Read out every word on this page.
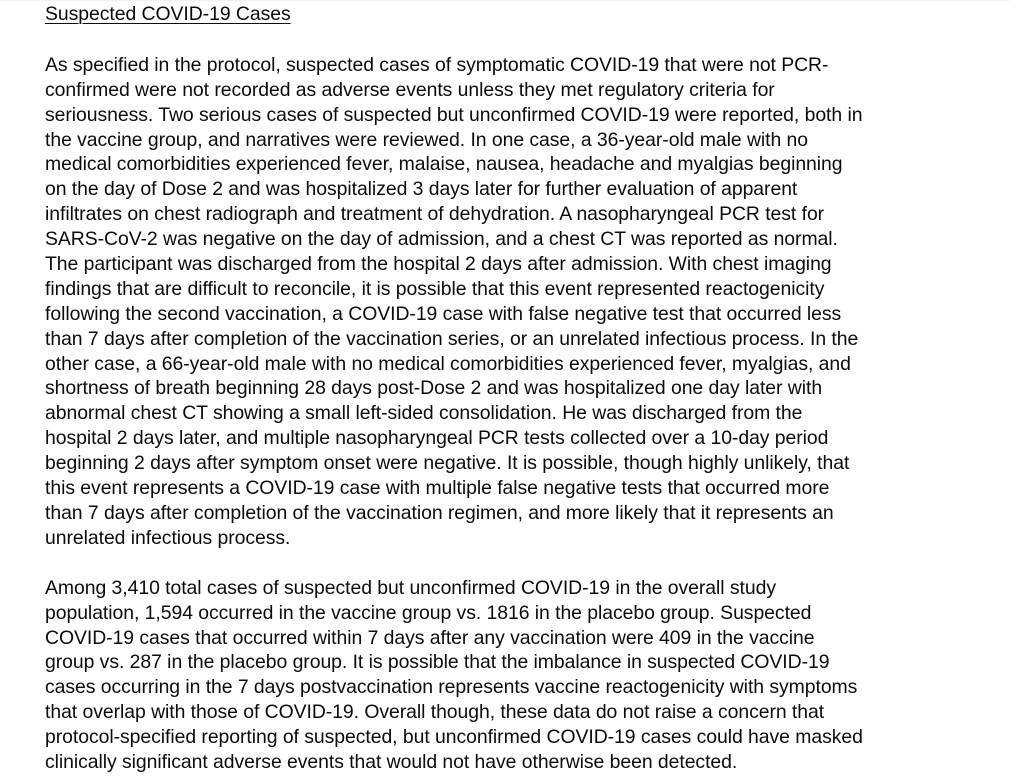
Suspected COVID-19 Cases
As specified in the protocol, suspected cases of symptomatic COVID-19 that were not PCR-
confirmed were not recorded as adverse events unless they met regulatory criteria for
seriousness. Two serious cases of suspected but unconfirmed COVID-19 were reported, both in
the vaccine group, and narratives were reviewed. In one case, a 36-year-old male with no
medical comorbidities experienced fever, malaise, nausea, headache and myalgias beginning
on the day of Dose 2 and was hospitalized 3 days later for further evaluation of apparent
infiltrates on chest radiograph and treatment of dehydration. A nasopharyngeal PCR test for
SARS-CoV-2 was negative on the day of admission, and a chest CT was reported as normal.
The participant was discharged from the hospital 2 days after admission. With chest imaging
findings that are difficult to reconcile, it is possible that this event represented reactogenicity
following the second vaccination, a COVID-19 case with false negative test that occurred less
than 7 days after completion of the vaccination series, or an unrelated infectious process. In the
other case, a 66-year-old male with no medical comorbidities experienced fever, myalgias, and
shortness of breath beginning 28 days post-Dose 2 and was hospitalized one day later with
abnormal chest CT showing a small left-sided consolidation. He was discharged from the
hospital 2 days later, and multiple nasopharyngeal PCR tests collected over a 10-day period
beginning 2 days after symptom onset were negative. It is possible, though highly unlikely, that
this event represents a COVID-19 case with multiple false negative tests that occurred more
than 7 days after completion of the vaccination regimen, and more likely that it represents an
unrelated infectious process.
Among 3,410 total cases of suspected but unconfirmed COVID-19 in the overall study
population, 1,594 occurred in the vaccine group vs. 1816 in the placebo group. Suspected
COVID-19 cases that occurred within 7 days after any vaccination were 409 in the vaccine
group vs. 287 in the placebo group. It is possible that the imbalance in suspected COVID-19
cases occurring in the 7 days postvaccination represents vaccine reactogenicity with symptoms
that overlap with those of COVID-19. Overall though, these data do not raise a concern that
protocol-specified reporting of suspected, but unconfirmed COVID-19 cases could have masked
clinically significant adverse events that would not have otherwise been detected.
